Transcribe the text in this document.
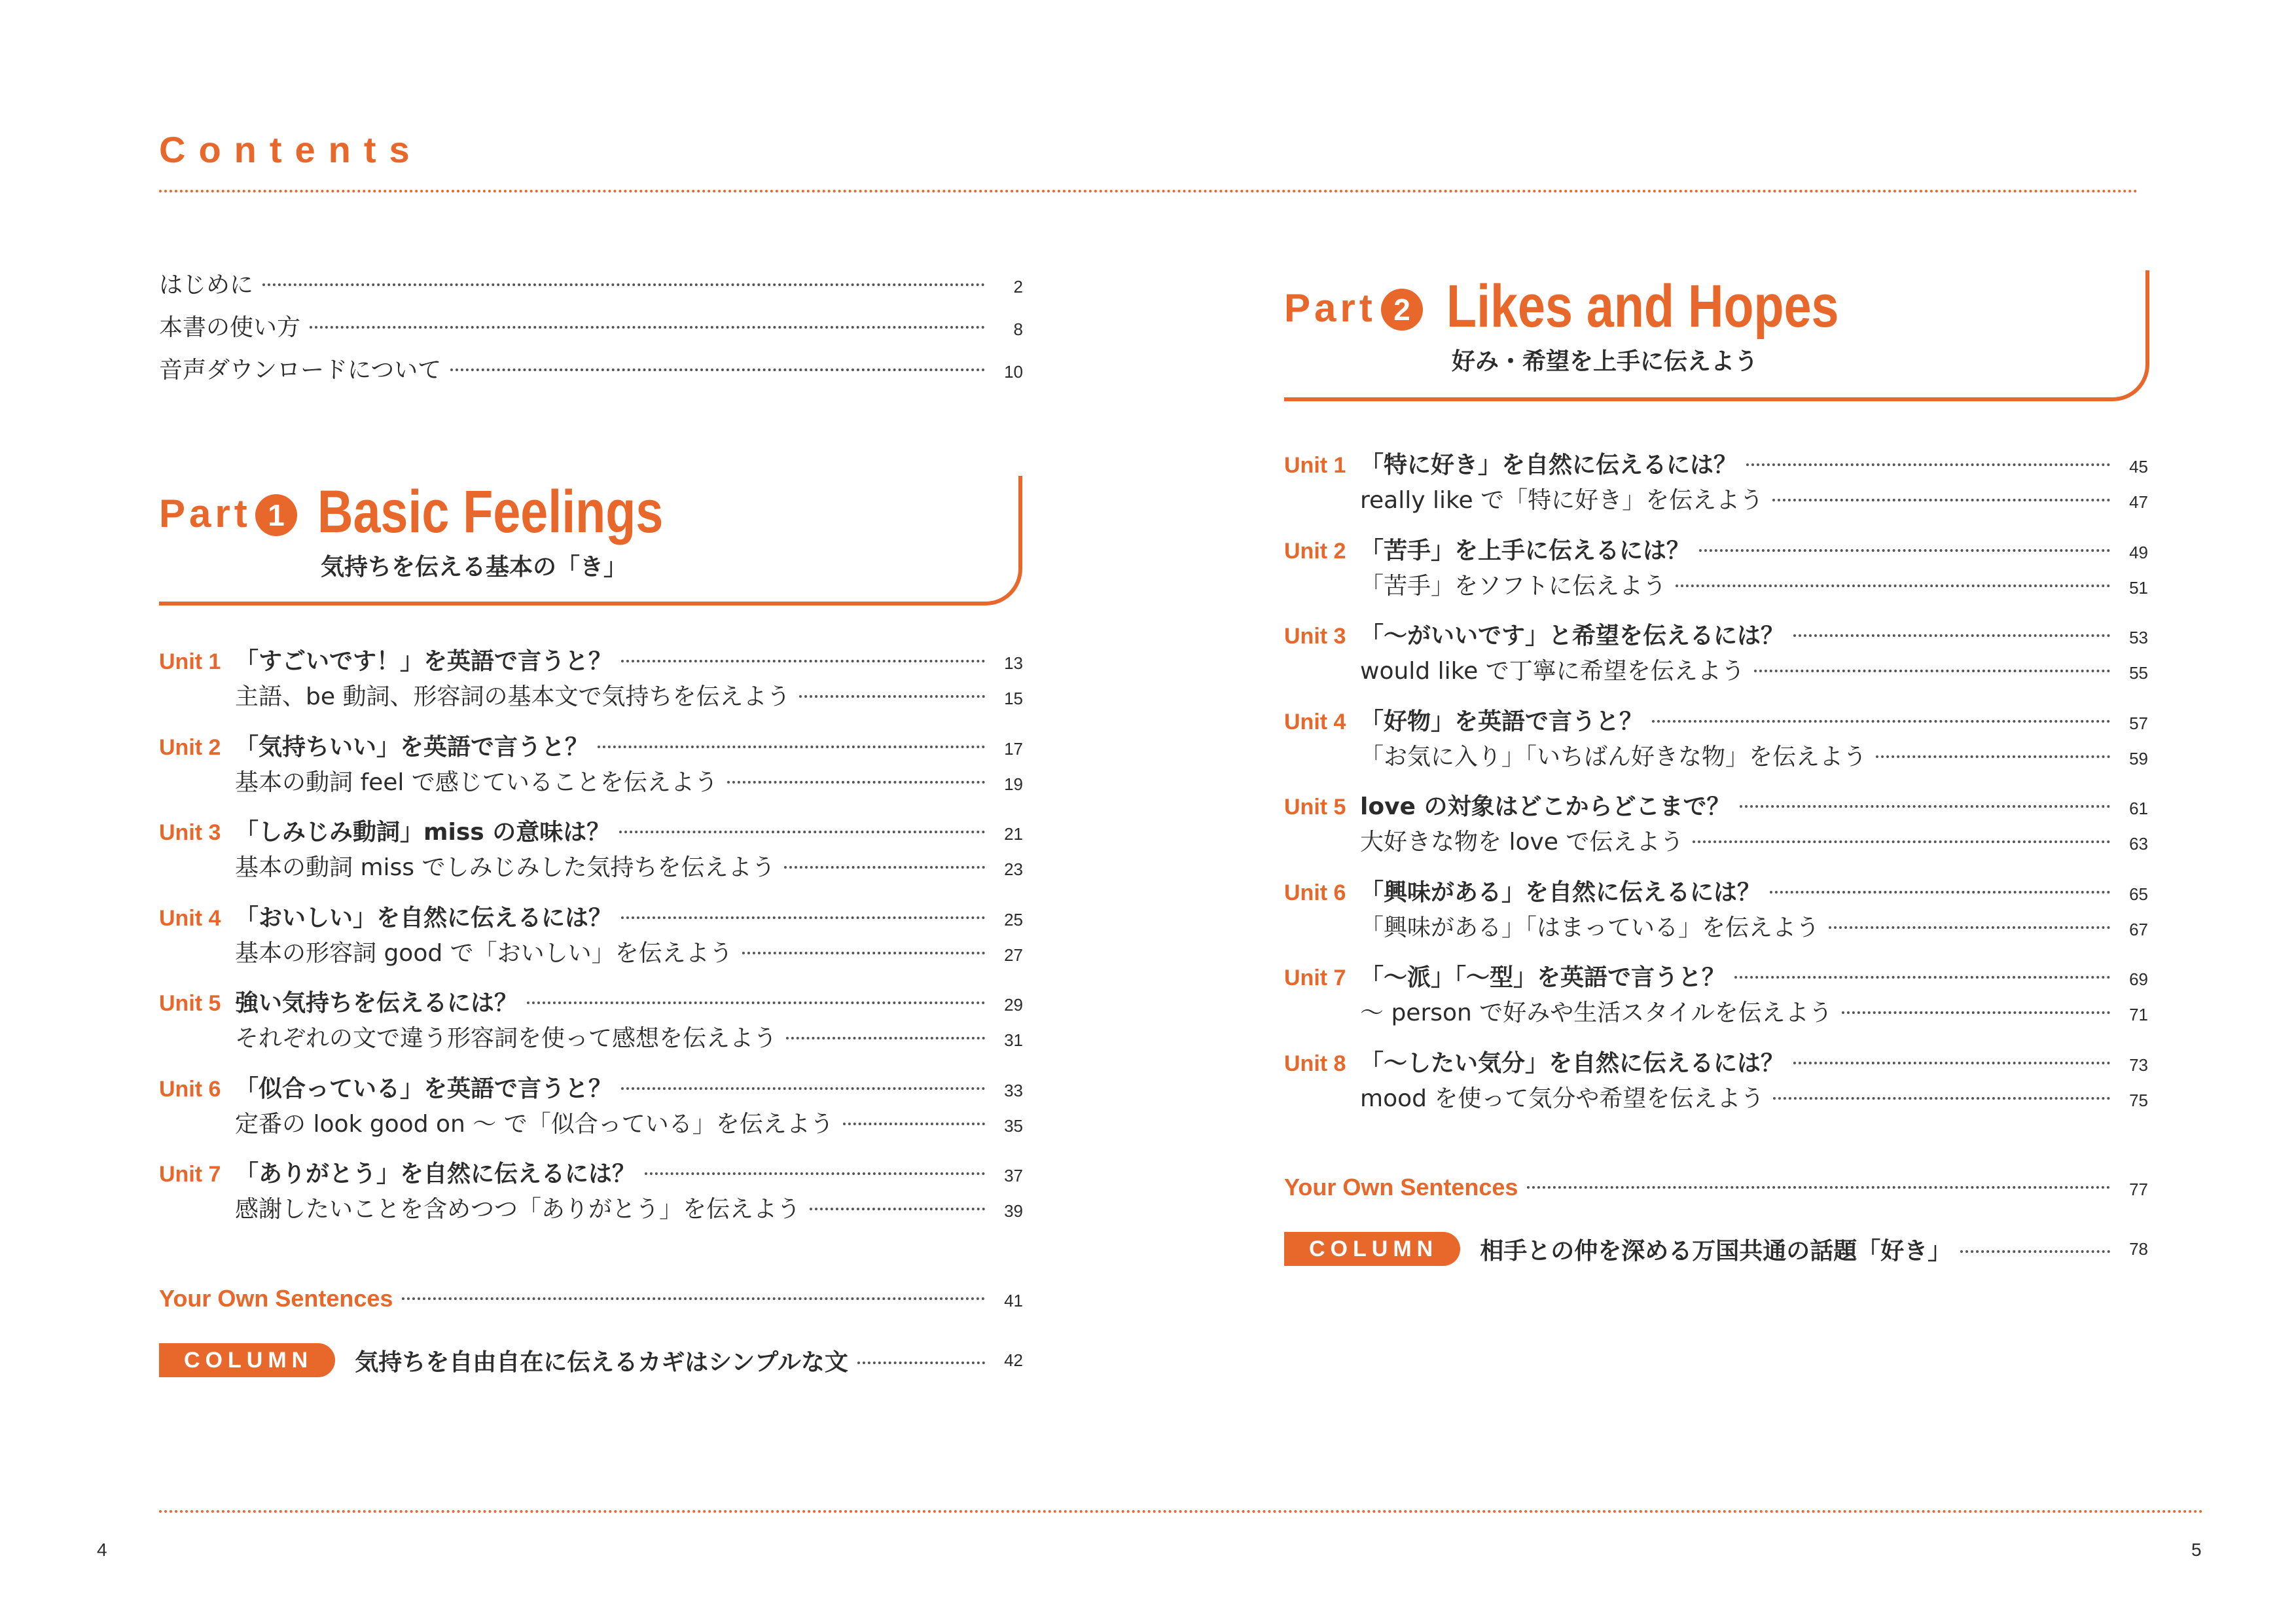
Contents
はじめに	2
本書の使い方	8
音声ダウンロードについて	10
Part 1 Basic Feelings
気持ちを伝える基本の「き」
Unit 1 「すごいです！」を英語で言うと？	13
主語、be 動詞、形容詞の基本文で気持ちを伝えよう	15
Unit 2 「気持ちいい」を英語で言うと？	17
基本の動詞 feel で感じていることを伝えよう	19
Unit 3 「しみじみ動詞」miss の意味は？	21
基本の動詞 miss でしみじみした気持ちを伝えよう	23
Unit 4 「おいしい」を自然に伝えるには？	25
基本の形容詞 good で「おいしい」を伝えよう	27
Unit 5 強い気持ちを伝えるには？	29
それぞれの文で違う形容詞を使って感想を伝えよう	31
Unit 6 「似合っている」を英語で言うと？	33
定番の look good on ～ で「似合っている」を伝えよう	35
Unit 7 「ありがとう」を自然に伝えるには？	37
感謝したいことを含めつつ「ありがとう」を伝えよう	39
Your Own Sentences	41
COLUMN	気持ちを自由自在に伝えるカギはシンプルな文	42
Part 2 Likes and Hopes
好み・希望を上手に伝えよう
Unit 1 「特に好き」を自然に伝えるには？	45
really like で「特に好き」を伝えよう	47
Unit 2 「苦手」を上手に伝えるには？	49
「苦手」をソフトに伝えよう	51
Unit 3 「～がいいです」と希望を伝えるには？	53
would like で丁寧に希望を伝えよう	55
Unit 4 「好物」を英語で言うと？	57
「お気に入り」「いちばん好きな物」を伝えよう	59
Unit 5 love の対象はどこからどこまで？	61
大好きな物を love で伝えよう	63
Unit 6 「興味がある」を自然に伝えるには？	65
「興味がある」「はまっている」を伝えよう	67
Unit 7 「～派」「～型」を英語で言うと？	69
～ person で好みや生活スタイルを伝えよう	71
Unit 8 「～したい気分」を自然に伝えるには？	73
mood を使って気分や希望を伝えよう	75
Your Own Sentences	77
COLUMN	相手との仲を深める万国共通の話題「好き」	78
4	5
